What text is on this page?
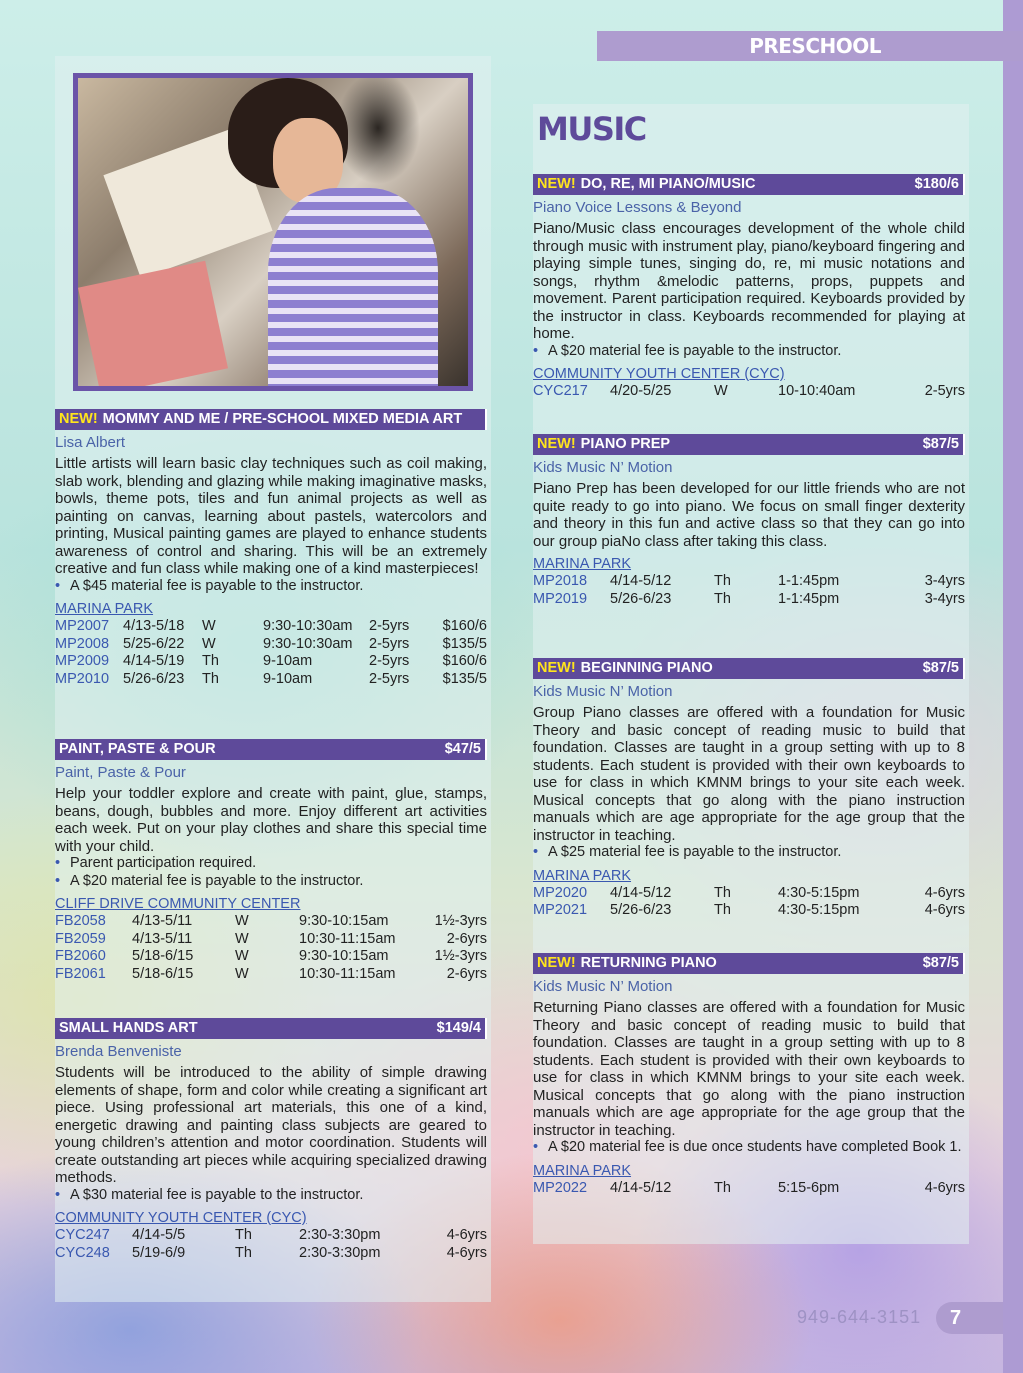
PRESCHOOL
MUSIC
NEW! MOMMY AND ME / PRE-SCHOOL MIXED MEDIA ART
Lisa Albert
Little artists will learn basic clay techniques such as coil making, slab work, blending and glazing while making imaginative masks, bowls, theme pots, tiles and fun animal projects as well as painting on canvas, learning about pastels, watercolors and printing, Musical painting games are played to enhance students awareness of control and sharing. This will be an extremely creative and fun class while making one of a kind masterpieces!
• A $45 material fee is payable to the instructor.
MARINA PARK
MP2007 4/13-5/18	W	9:30-10:30am	2-5yrs	$160/6
MP2008 5/25-6/22	W	9:30-10:30am	2-5yrs	$135/5
MP2009 4/14-5/19	Th	9-10am	2-5yrs	$160/6
MP2010 5/26-6/23	Th	9-10am	2-5yrs	$135/5
PAINT, PASTE & POUR	$47/5
Paint, Paste & Pour
Help your toddler explore and create with paint, glue, stamps, beans, dough, bubbles and more. Enjoy different art activities each week. Put on your play clothes and share this special time with your child.
• Parent participation required.
• A $20 material fee is payable to the instructor.
CLIFF DRIVE COMMUNITY CENTER
FB2058	4/13-5/11	W	9:30-10:15am	1½-3yrs
FB2059	4/13-5/11	W	10:30-11:15am	2-6yrs
FB2060	5/18-6/15	W	9:30-10:15am	1½-3yrs
FB2061	5/18-6/15	W	10:30-11:15am	2-6yrs
SMALL HANDS ART	$149/4
Brenda Benveniste
Students will be introduced to the ability of simple drawing elements of shape, form and color while creating a significant art piece. Using professional art materials, this one of a kind, energetic drawing and painting class subjects are geared to young children’s attention and motor coordination. Students will create outstanding art pieces while acquiring specialized drawing methods.
• A $30 material fee is payable to the instructor.
COMMUNITY YOUTH CENTER (CYC)
CYC247	4/14-5/5	Th	2:30-3:30pm	4-6yrs
CYC248	5/19-6/9	Th	2:30-3:30pm	4-6yrs
NEW! DO, RE, MI PIANO/MUSIC	$180/6
Piano Voice Lessons & Beyond
Piano/Music class encourages development of the whole child through music with instrument play, piano/keyboard fingering and playing simple tunes, singing do, re, mi music notations and songs, rhythm &melodic patterns, props, puppets and movement. Parent participation required. Keyboards provided by the instructor in class. Keyboards recommended for playing at home.
• A $20 material fee is payable to the instructor.
COMMUNITY YOUTH CENTER (CYC)
CYC217	4/20-5/25	W	10-10:40am	2-5yrs
NEW! PIANO PREP	$87/5
Kids Music N’ Motion
Piano Prep has been developed for our little friends who are not quite ready to go into piano. We focus on small finger dexterity and theory in this fun and active class so that they can go into our group piaNo class after taking this class.
MARINA PARK
MP2018	4/14-5/12	Th	1-1:45pm	3-4yrs
MP2019	5/26-6/23	Th	1-1:45pm	3-4yrs
NEW! BEGINNING PIANO	$87/5
Kids Music N’ Motion
Group Piano classes are offered with a foundation for Music Theory and basic concept of reading music to build that foundation. Classes are taught in a group setting with up to 8 students. Each student is provided with their own keyboards to use for class in which KMNM brings to your site each week. Musical concepts that go along with the piano instruction manuals which are age appropriate for the age group that the instructor in teaching.
• A $25 material fee is payable to the instructor.
MARINA PARK
MP2020	4/14-5/12	Th	4:30-5:15pm	4-6yrs
MP2021	5/26-6/23	Th	4:30-5:15pm	4-6yrs
NEW! RETURNING PIANO	$87/5
Kids Music N’ Motion
Returning Piano classes are offered with a foundation for Music Theory and basic concept of reading music to build that foundation. Classes are taught in a group setting with up to 8 students. Each student is provided with their own keyboards to use for class in which KMNM brings to your site each week. Musical concepts that go along with the piano instruction manuals which are age appropriate for the age group that the instructor in teaching.
• A $20 material fee is due once students have completed Book 1.
MARINA PARK
MP2022	4/14-5/12	Th	5:15-6pm	4-6yrs
949-644-3151	7
